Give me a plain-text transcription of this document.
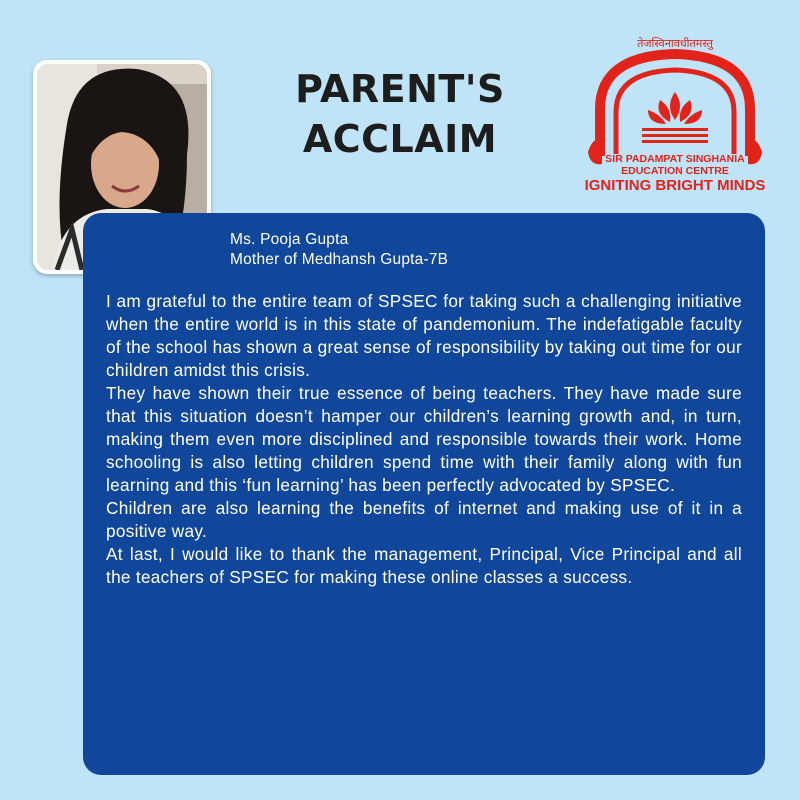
PARENT'S
ACCLAIM
तेजस्विनावधीतमस्तु
SIR PADAMPAT SINGHANIA
EDUCATION CENTRE
IGNITING BRIGHT MINDS
Ms. Pooja Gupta
Mother of Medhansh Gupta-7B

I am grateful to the entire team of SPSEC for taking such a challenging initiative when the entire world is in this state of pandemonium. The indefatigable faculty of the school has shown a great sense of responsibility by taking out time for our children amidst this crisis.

They have shown their true essence of being teachers. They have made sure that this situation doesn’t hamper our children’s learning growth and, in turn, making them even more disciplined and responsible towards their work. Home schooling is also letting children spend time with their family along with fun learning and this ‘fun learning’ has been perfectly advocated by SPSEC.

Children are also learning the benefits of internet and making use of it in a positive way.

At last, I would like to thank the management, Principal, Vice Principal and all the teachers of SPSEC for making these online classes a success.
